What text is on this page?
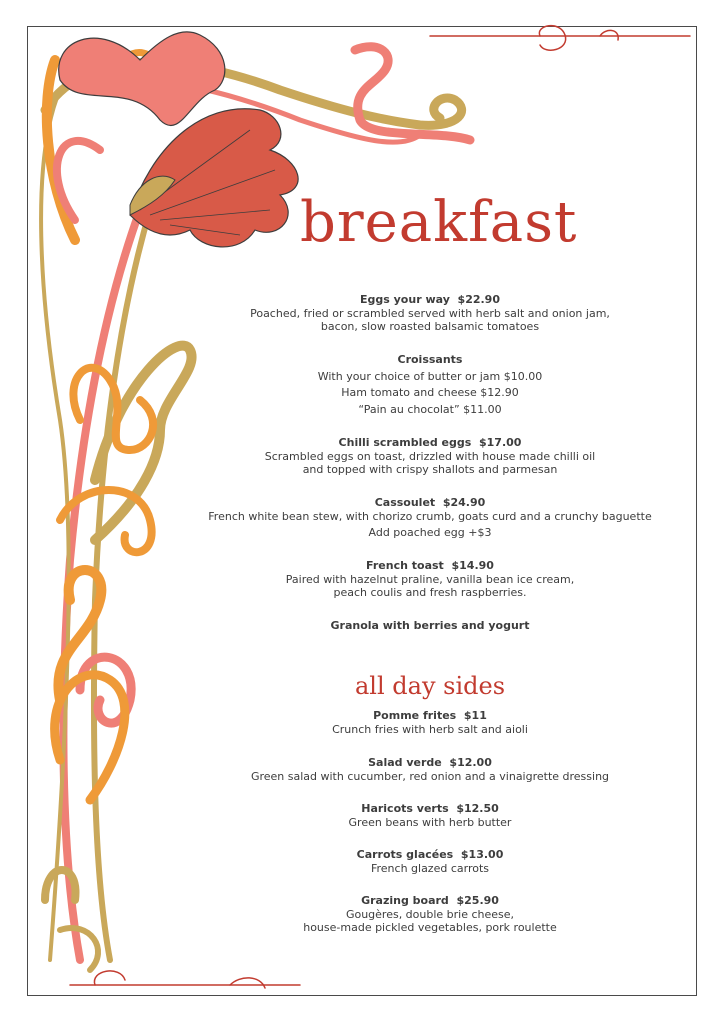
breakfast
Eggs your way $22.90
Poached, fried or scrambled served with herb salt and onion jam,
bacon, slow roasted balsamic tomatoes
Croissants
With your choice of butter or jam $10.00
Ham tomato and cheese $12.90
“Pain au chocolat” $11.00
Chilli scrambled eggs $17.00
Scrambled eggs on toast, drizzled with house made chilli oil
and topped with crispy shallots and parmesan
Cassoulet $24.90
French white bean stew, with chorizo crumb, goats curd and a crunchy baguette
Add poached egg +$3
French toast $14.90
Paired with hazelnut praline, vanilla bean ice cream,
peach coulis and fresh raspberries.
Granola with berries and yogurt
all day sides
Pomme frites $11
Crunch fries with herb salt and aioli
Salad verde $12.00
Green salad with cucumber, red onion and a vinaigrette dressing
Haricots verts $12.50
Green beans with herb butter
Carrots glacées $13.00
French glazed carrots
Grazing board $25.90
Gougères, double brie cheese,
house-made pickled vegetables, pork roulette
